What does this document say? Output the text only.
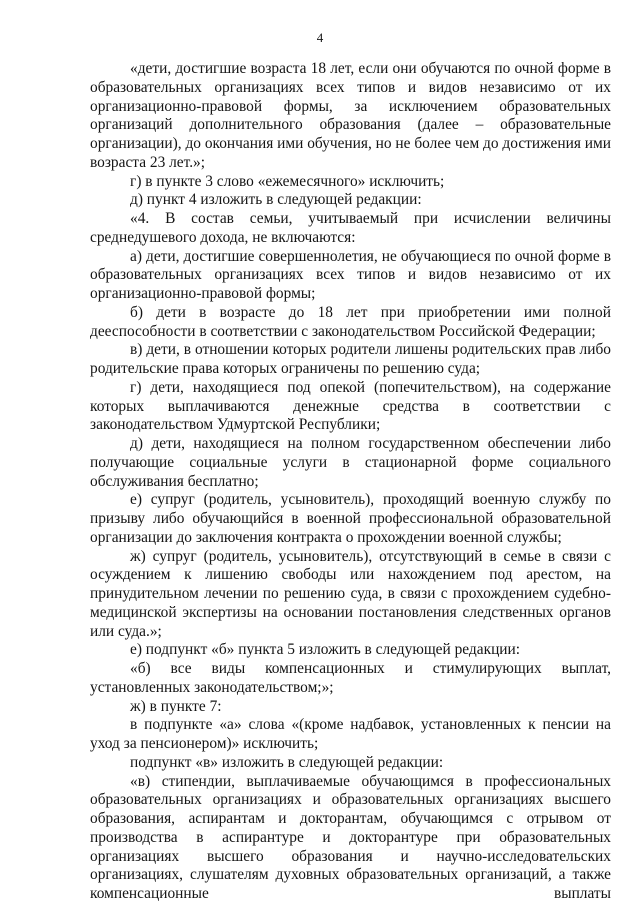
4

«дети, достигшие возраста 18 лет, если они обучаются по очной форме в образовательных организациях всех типов и видов независимо от их организационно-правовой формы, за исключением образовательных организаций дополнительного образования (далее – образовательные организации), до окончания ими обучения, но не более чем до достижения ими возраста 23 лет.»;

г) в пункте 3 слово «ежемесячного» исключить;

д) пункт 4 изложить в следующей редакции:

«4. В состав семьи, учитываемый при исчислении величины среднедушевого дохода, не включаются:

а) дети, достигшие совершеннолетия, не обучающиеся по очной форме в образовательных организациях всех типов и видов независимо от их организационно-правовой формы;

б) дети в возрасте до 18 лет при приобретении ими полной дееспособности в соответствии с законодательством Российской Федерации;

в) дети, в отношении которых родители лишены родительских прав либо родительские права которых ограничены по решению суда;

г) дети, находящиеся под опекой (попечительством), на содержание которых выплачиваются денежные средства в соответствии с законодательством Удмуртской Республики;

д) дети, находящиеся на полном государственном обеспечении либо получающие социальные услуги в стационарной форме социального обслуживания бесплатно;

е) супруг (родитель, усыновитель), проходящий военную службу по призыву либо обучающийся в военной профессиональной образовательной организации до заключения контракта о прохождении военной службы;

ж) супруг (родитель, усыновитель), отсутствующий в семье в связи с осуждением к лишению свободы или нахождением под арестом, на принудительном лечении по решению суда, в связи с прохождением судебно-медицинской экспертизы на основании постановления следственных органов или суда.»;

е) подпункт «б» пункта 5 изложить в следующей редакции:

«б) все виды компенсационных и стимулирующих выплат, установленных законодательством;»;

ж) в пункте 7:

в подпункте «а» слова «(кроме надбавок, установленных к пенсии на уход за пенсионером)» исключить;

подпункт «в» изложить в следующей редакции:

«в) стипендии, выплачиваемые обучающимся в профессиональных образовательных организациях и образовательных организациях высшего образования, аспирантам и докторантам, обучающимся с отрывом от производства в аспирантуре и докторантуре при образовательных организациях высшего образования и научно-исследовательских организациях, слушателям духовных образовательных организаций, а также компенсационные выплаты
